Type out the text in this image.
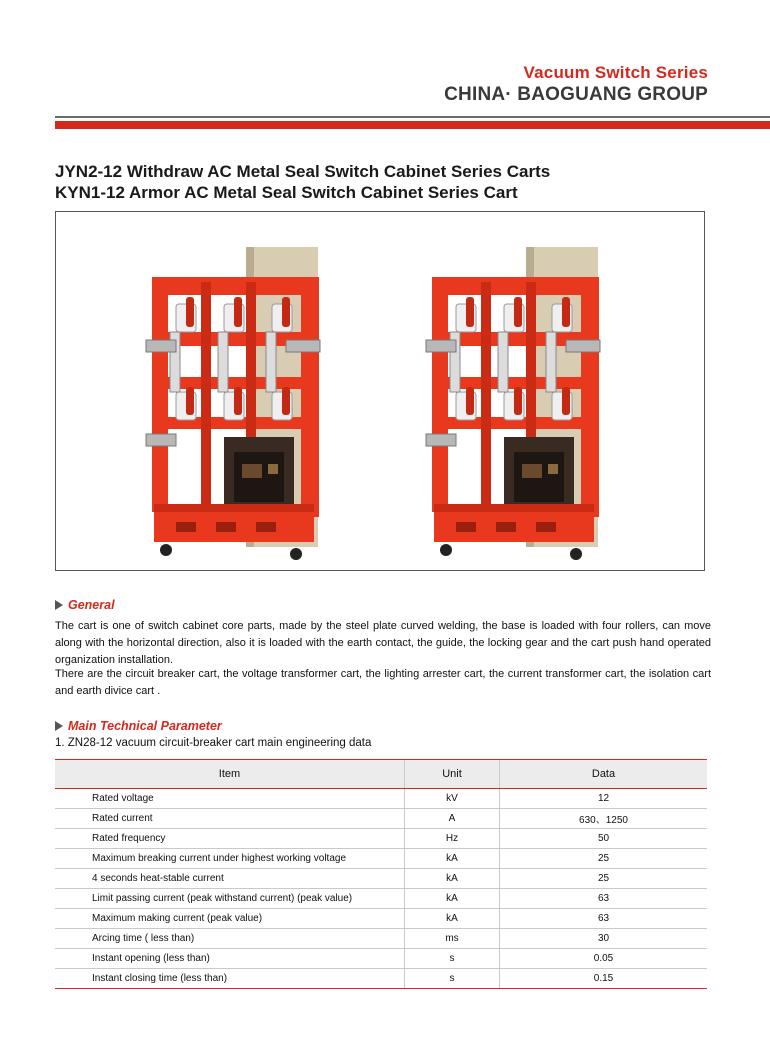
Vacuum Switch Series
CHINA· BAOGUANG GROUP
JYN2-12 Withdraw AC Metal Seal Switch Cabinet Series Carts
KYN1-12 Armor AC Metal Seal Switch Cabinet Series Cart
General
The cart is one of switch cabinet core parts, made by the steel plate curved welding, the base is loaded with four rollers, can move along with the horizontal direction, also it is loaded with the earth contact, the guide, the locking gear and the cart push hand operated organization installation.
There are the circuit breaker cart, the voltage transformer cart, the lighting arrester cart, the current transformer cart, the isolation cart and earth divice cart .
Main Technical Parameter
1. ZN28-12 vacuum circuit-breaker cart main engineering data
Item	Unit	Data
Rated voltage	kV	12
Rated current	A	630、1250
Rated frequency	Hz	50
Maximum breaking current under highest working voltage	kA	25
4 seconds heat-stable current	kA	25
Limit passing current (peak withstand current) (peak value)	kA	63
Maximum making current (peak value)	kA	63
Arcing time ( less than)	ms	30
Instant opening (less than)	s	0.05
Instant closing time (less than)	s	0.15
